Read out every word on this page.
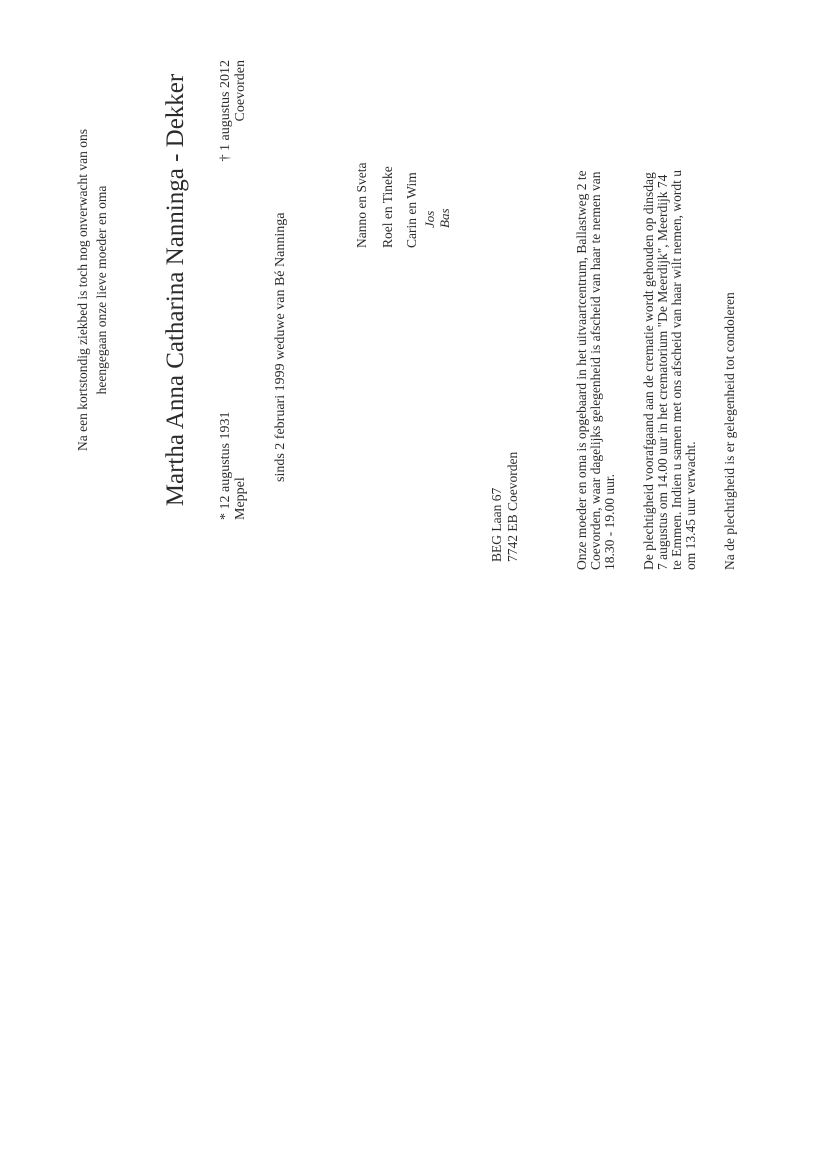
Na een kortstondig ziekbed is toch nog onverwacht van ons heengegaan onze lieve moeder en oma Martha Anna Catharina Nanninga - Dekker * 12 augustus 1931 Meppel
† 1 augustus 2012 Coevorden
sinds 2 februari 1999 weduwe van Bé Nanninga
Nanno en Sveta Roel en Tineke Carin en Wim Jos Bas
BEG Laan 67 7742 EB Coevorden	Onze moeder en oma is opgebaard in het uitvaartcentrum, Ballastweg 2 te Coevorden, waar dagelijks gelegenheid is afscheid van haar te nemen van 18.30 - 19.00 uur. De plechtigheid voorafgaand aan de crematie wordt gehouden op dinsdag 7 augustus om 14.00 uur in het crematorium "De Meerdijk", Meerdijk 74 te Emmen. Indien u samen met ons afscheid van haar wilt nemen, wordt u om 13.45 uur verwacht. Na de plechtigheid is er gelegenheid tot condoleren
